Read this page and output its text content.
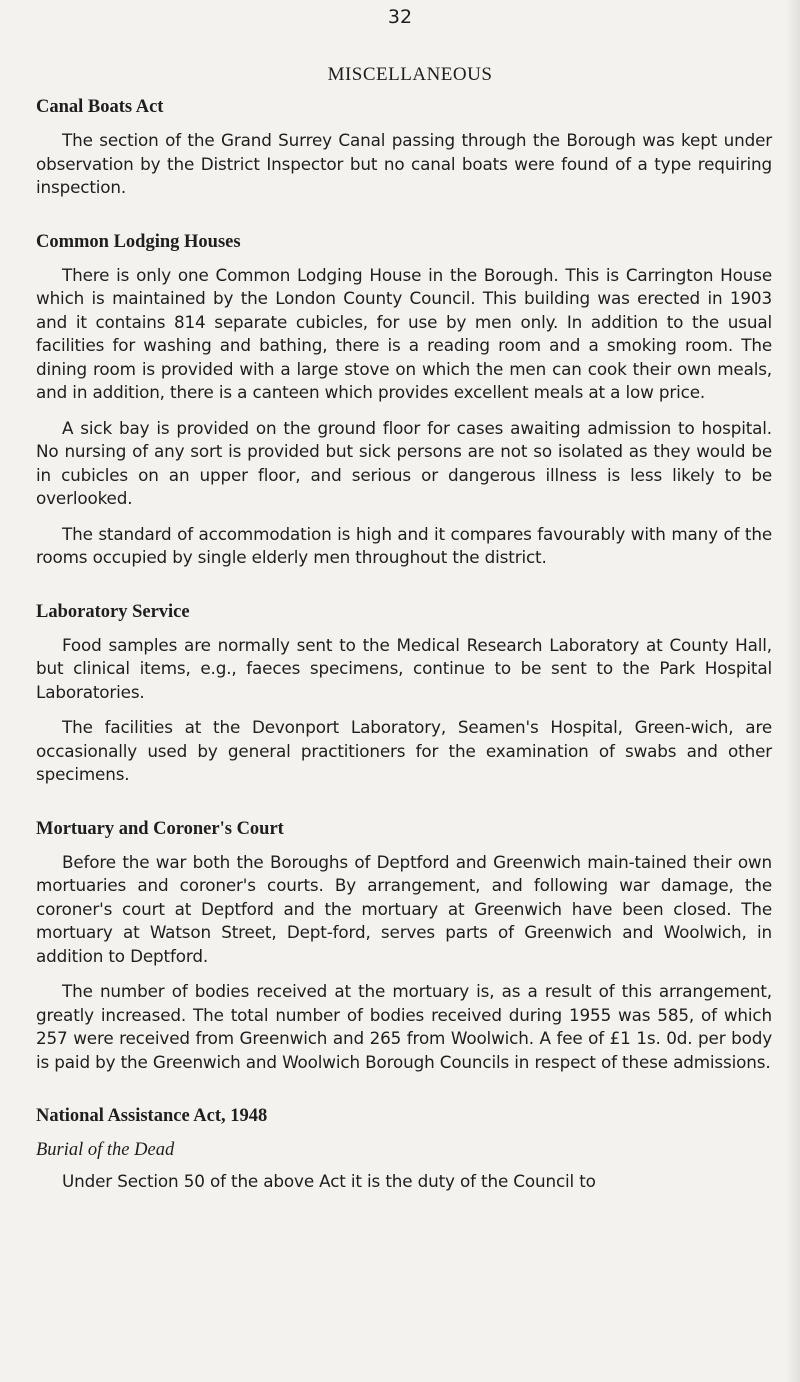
32
MISCELLANEOUS
Canal Boats Act

The section of the Grand Surrey Canal passing through the Borough was kept under observation by the District Inspector but no canal boats were found of a type requiring inspection.

Common Lodging Houses

There is only one Common Lodging House in the Borough. This is Carrington House which is maintained by the London County Council. This building was erected in 1903 and it contains 814 separate cubicles, for use by men only. In addition to the usual facilities for washing and bathing, there is a reading room and a smoking room. The dining room is provided with a large stove on which the men can cook their own meals, and in addition, there is a canteen which provides excellent meals at a low price.

A sick bay is provided on the ground floor for cases awaiting admission to hospital. No nursing of any sort is provided but sick persons are not so isolated as they would be in cubicles on an upper floor, and serious or dangerous illness is less likely to be overlooked.

The standard of accommodation is high and it compares favourably with many of the rooms occupied by single elderly men throughout the district.

Laboratory Service

Food samples are normally sent to the Medical Research Laboratory at County Hall, but clinical items, e.g., faeces specimens, continue to be sent to the Park Hospital Laboratories.

The facilities at the Devonport Laboratory, Seamen's Hospital, Green-wich, are occasionally used by general practitioners for the examination of swabs and other specimens.

Mortuary and Coroner's Court

Before the war both the Boroughs of Deptford and Greenwich main-tained their own mortuaries and coroner's courts. By arrangement, and following war damage, the coroner's court at Deptford and the mortuary at Greenwich have been closed. The mortuary at Watson Street, Dept-ford, serves parts of Greenwich and Woolwich, in addition to Deptford.

The number of bodies received at the mortuary is, as a result of this arrangement, greatly increased. The total number of bodies received during 1955 was 585, of which 257 were received from Greenwich and 265 from Woolwich. A fee of £1 1s. 0d. per body is paid by the Greenwich and Woolwich Borough Councils in respect of these admissions.

National Assistance Act, 1948
Burial of the Dead

Under Section 50 of the above Act it is the duty of the Council to
